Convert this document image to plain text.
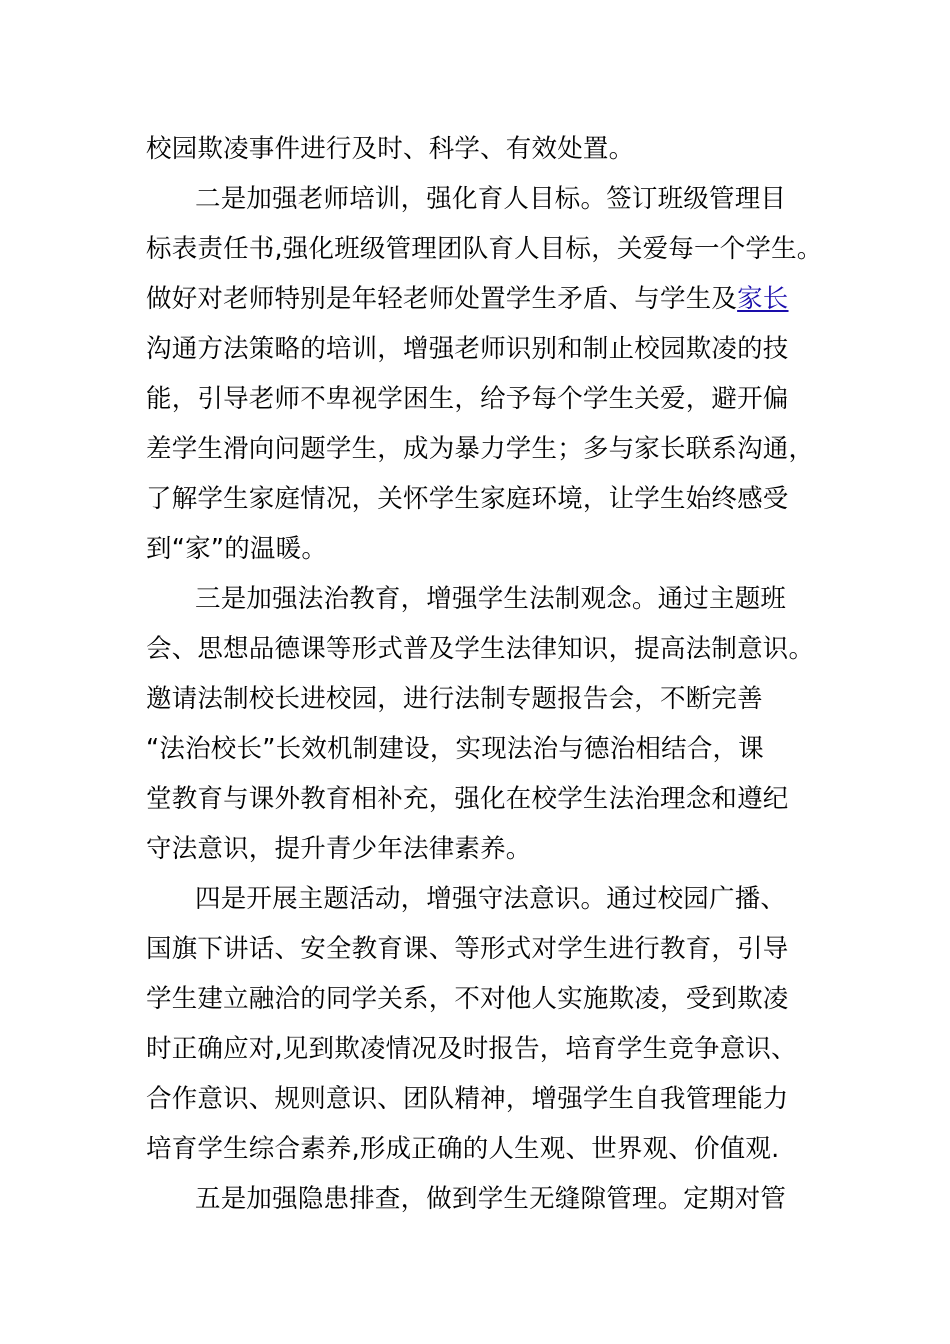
校园欺凌事件进行及时、科学、有效处置。
二是加强老师培训，强化育人目标。签订班级管理目
标表责任书,强化班级管理团队育人目标，关爱每一个学生。
做好对老师特别是年轻老师处置学生矛盾、与学生及家长
沟通方法策略的培训，增强老师识别和制止校园欺凌的技
能，引导老师不卑视学困生，给予每个学生关爱，避开偏
差学生滑向问题学生，成为暴力学生；多与家长联系沟通，
了解学生家庭情况，关怀学生家庭环境，让学生始终感受
到“家”的温暖。
三是加强法治教育，增强学生法制观念。通过主题班
会、思想品德课等形式普及学生法律知识，提高法制意识。
邀请法制校长进校园，进行法制专题报告会，不断完善
“法治校长”长效机制建设，实现法治与德治相结合，课
堂教育与课外教育相补充，强化在校学生法治理念和遵纪
守法意识，提升青少年法律素养。
四是开展主题活动，增强守法意识。通过校园广播、
国旗下讲话、安全教育课、等形式对学生进行教育，引导
学生建立融洽的同学关系，不对他人实施欺凌，受到欺凌
时正确应对,见到欺凌情况及时报告，培育学生竞争意识、
合作意识、规则意识、团队精神，增强学生自我管理能力
培育学生综合素养,形成正确的人生观、世界观、价值观.
五是加强隐患排查，做到学生无缝隙管理。定期对管
